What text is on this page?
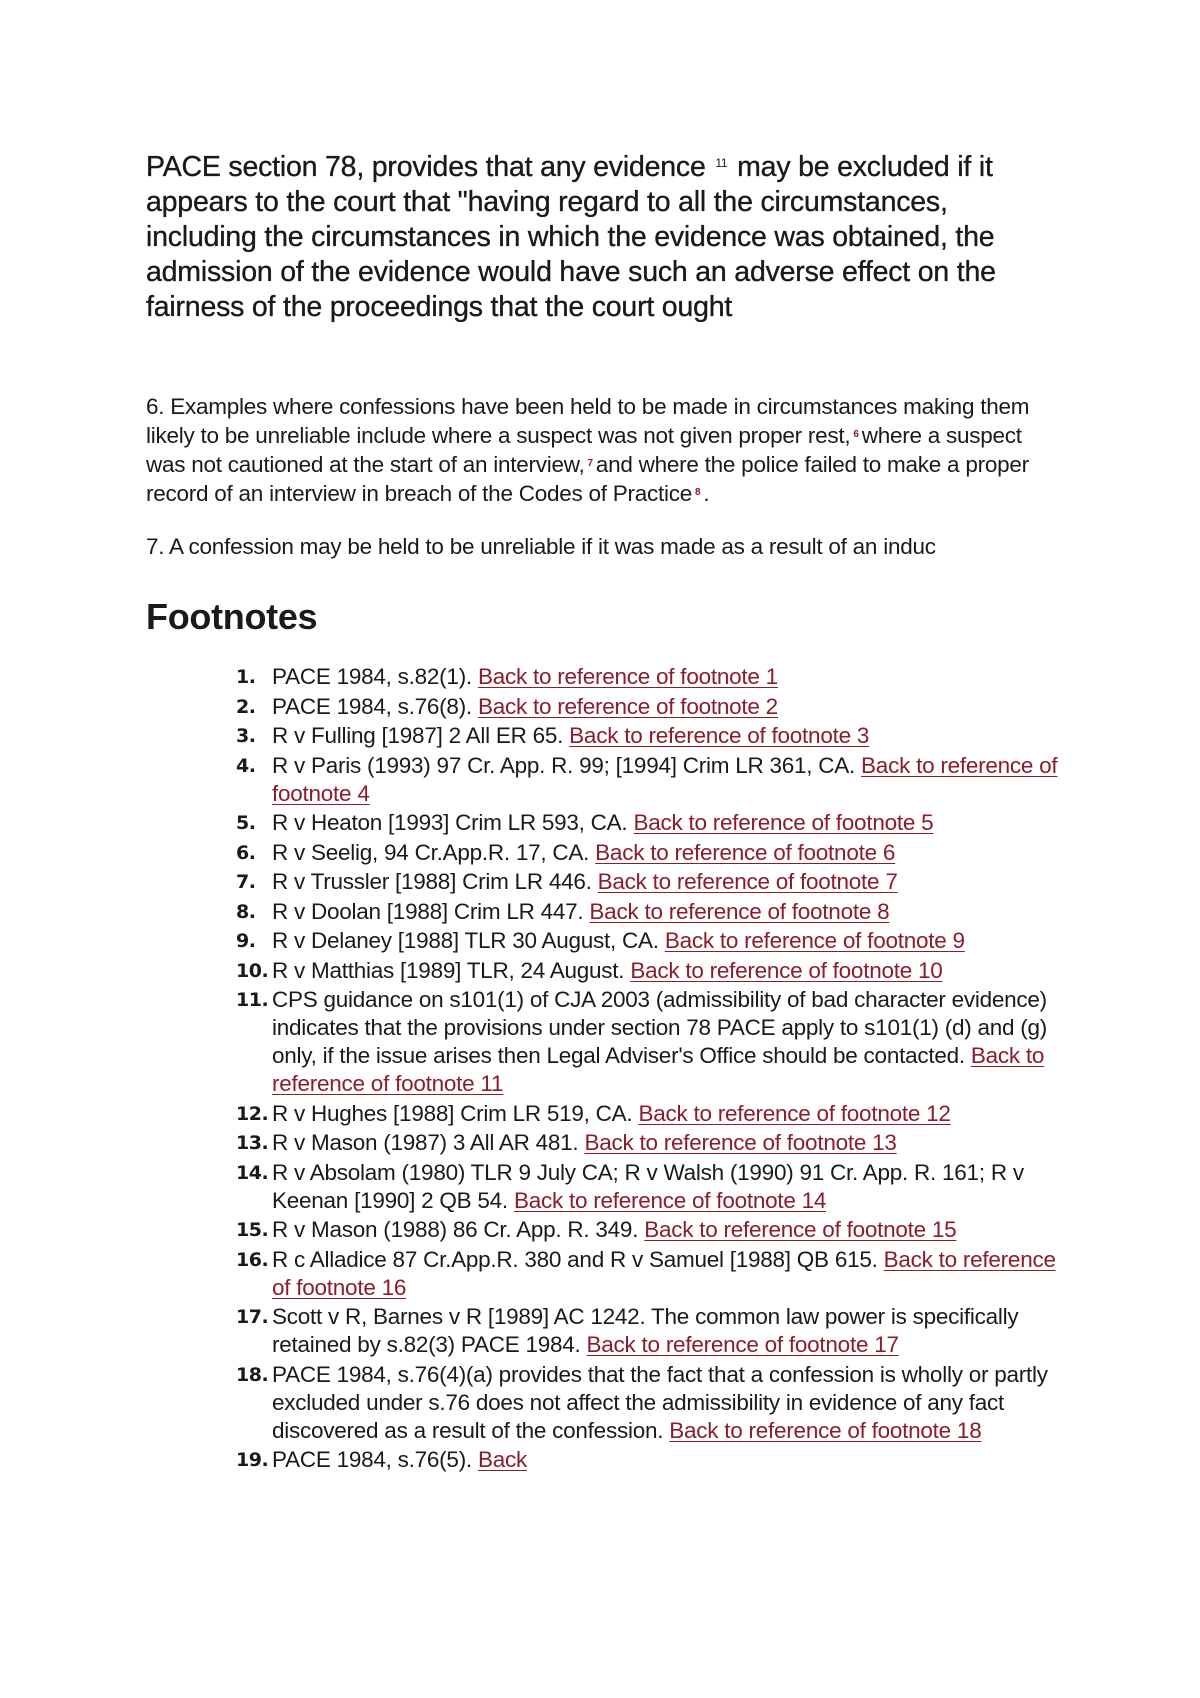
PACE section 78, provides that any evidence $^{11}$ may be excluded if it appears to the court that "having regard to all the circumstances, including the circumstances in which the evidence was obtained, the admission of the evidence would have such an adverse effect on the fairness of the proceedings that the court ought

6. Examples where confessions have been held to be made in circumstances making them likely to be unreliable include where a suspect was not given proper rest, $^6$ where a suspect was not cautioned at the start of an interview, $^7$ and where the police failed to make a proper record of an interview in breach of the Codes of Practice $^8$ .

7. A confession may be held to be unreliable if it was made as a result of an induc

Footnotes
1. PACE 1984, s.82(1). Back to reference of footnote 1
2. PACE 1984, s.76(8). Back to reference of footnote 2
3. R v Fulling [1987] 2 All ER 65. Back to reference of footnote 3
4. R v Paris (1993) 97 Cr. App. R. 99; [1994] Crim LR 361, CA. Back to reference of footnote 4
5. R v Heaton [1993] Crim LR 593, CA. Back to reference of footnote 5
6. R v Seelig, 94 Cr.App.R. 17, CA. Back to reference of footnote 6
7. R v Trussler [1988] Crim LR 446. Back to reference of footnote 7
8. R v Doolan [1988] Crim LR 447. Back to reference of footnote 8
9. R v Delaney [1988] TLR 30 August, CA. Back to reference of footnote 9
10. R v Matthias [1989] TLR, 24 August. Back to reference of footnote 10
11. CPS guidance on s101(1) of CJA 2003 (admissibility of bad character evidence) indicates that the provisions under section 78 PACE apply to s101(1) (d) and (g) only, if the issue arises then Legal Adviser's Office should be contacted. Back to reference of footnote 11
12. R v Hughes [1988] Crim LR 519, CA. Back to reference of footnote 12
13. R v Mason (1987) 3 All AR 481. Back to reference of footnote 13
14. R v Absolam (1980) TLR 9 July CA; R v Walsh (1990) 91 Cr. App. R. 161; R v Keenan [1990] 2 QB 54. Back to reference of footnote 14
15. R v Mason (1988) 86 Cr. App. R. 349. Back to reference of footnote 15
16. R c Alladice 87 Cr.App.R. 380 and R v Samuel [1988] QB 615. Back to reference of footnote 16
17. Scott v R, Barnes v R [1989] AC 1242. The common law power is specifically retained by s.82(3) PACE 1984. Back to reference of footnote 17
18. PACE 1984, s.76(4)(a) provides that the fact that a confession is wholly or partly excluded under s.76 does not affect the admissibility in evidence of any fact discovered as a result of the confession. Back to reference of footnote 18
19. PACE 1984, s.76(5). Back
